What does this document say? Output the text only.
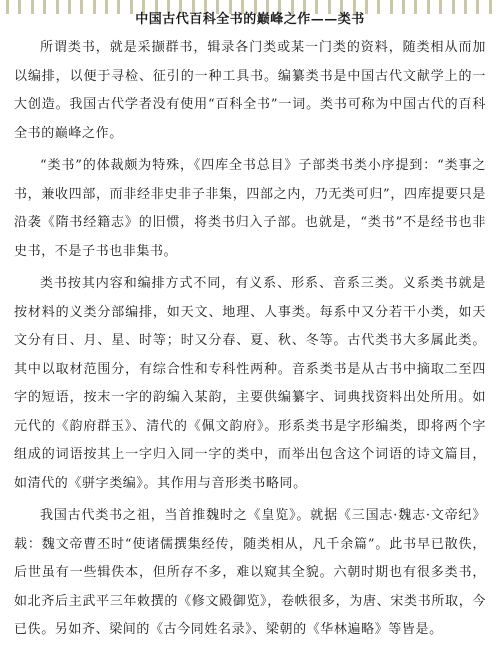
中国古代百科全书的巅峰之作——类书

所谓类书，就是采撷群书，辑录各门类或某一门类的资料，随类相从而加以编排，以便于寻检、征引的一种工具书。编纂类书是中国古代文献学上的一大创造。我国古代学者没有使用“百科全书”一词。类书可称为中国古代的百科全书的巅峰之作。

“类书”的体裁颇为特殊，《四库全书总目》子部类书类小序提到：“类事之书，兼收四部，而非经非史非子非集，四部之内，乃无类可归”，四库提要只是沿袭《隋书经籍志》的旧惯，将类书归入子部。也就是，“类书”不是经书也非史书，不是子书也非集书。

类书按其内容和编排方式不同，有义系、形系、音系三类。义系类书就是按材料的义类分部编排，如天文、地理、人事类。每系中又分若干小类，如天文分有日、月、星、时等；时又分春、夏、秋、冬等。古代类书大多属此类。其中以取材范围分，有综合性和专科性两种。音系类书是从古书中摘取二至四字的短语，按末一字的韵编入某韵，主要供编纂字、词典找资料出处所用。如元代的《韵府群玉》、清代的《佩文韵府》。形系类书是字形编类，即将两个字组成的词语按其上一字归入同一字的类中，而举出包含这个词语的诗文篇目，如清代的《骈字类编》。其作用与音形类书略同。

我国古代类书之祖，当首推魏时之《皇览》。就据《三国志·魏志·文帝纪》载：魏文帝曹丕时“使诸儒撰集经传，随类相从，凡千余篇”。此书早已散佚，后世虽有一些辑佚本，但所存不多，难以窥其全貌。六朝时期也有很多类书，如北齐后主武平三年敕撰的《修文殿御览》，卷帙很多，为唐、宋类书所取，今已佚。另如齐、梁间的《古今同姓名录》、梁朝的《华林遍略》等皆是。
